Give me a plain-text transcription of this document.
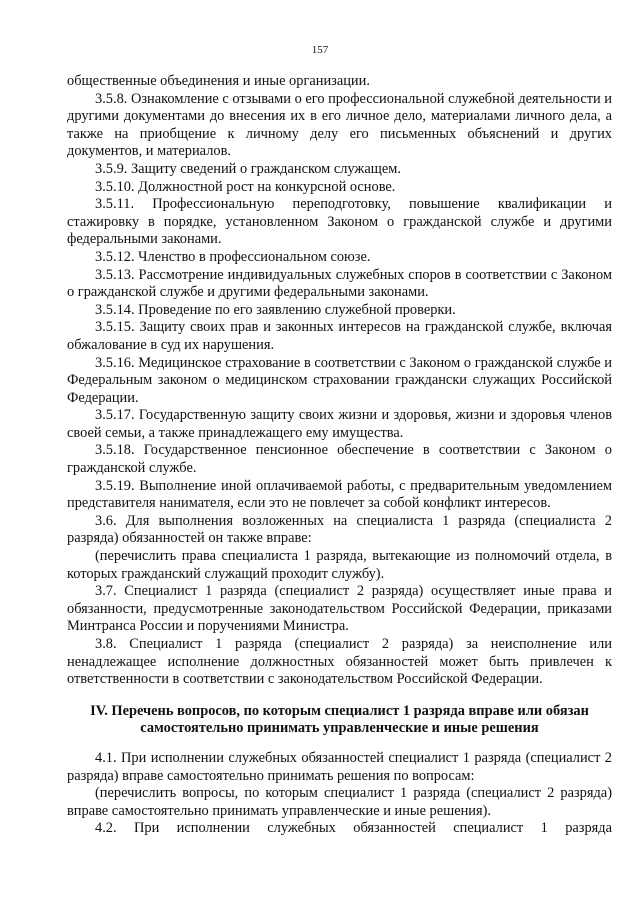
157

общественные объединения и иные организации.

3.5.8. Ознакомление с отзывами о его профессиональной служебной деятельности и другими документами до внесения их в его личное дело, материалами личного дела, а также на приобщение к личному делу его письменных объяснений и других документов, и материалов.

3.5.9. Защиту сведений о гражданском служащем.

3.5.10. Должностной рост на конкурсной основе.

3.5.11. Профессиональную переподготовку, повышение квалификации и стажировку в порядке, установленном Законом о гражданской службе и другими федеральными законами.

3.5.12. Членство в профессиональном союзе.

3.5.13. Рассмотрение индивидуальных служебных споров в соответствии с Законом о гражданской службе и другими федеральными законами.

3.5.14. Проведение по его заявлению служебной проверки.

3.5.15. Защиту своих прав и законных интересов на гражданской службе, включая обжалование в суд их нарушения.

3.5.16. Медицинское страхование в соответствии с Законом о гражданской службе и Федеральным законом о медицинском страховании граждански служащих Российской Федерации.

3.5.17. Государственную защиту своих жизни и здоровья, жизни и здоровья членов своей семьи, а также принадлежащего ему имущества.

3.5.18. Государственное пенсионное обеспечение в соответствии с Законом о гражданской службе.

3.5.19. Выполнение иной оплачиваемой работы, с предварительным уведомлением представителя нанимателя, если это не повлечет за собой конфликт интересов.

3.6. Для выполнения возложенных на специалиста 1 разряда (специалиста 2 разряда) обязанностей он также вправе:

(перечислить права специалиста 1 разряда, вытекающие из полномочий отдела, в которых гражданский служащий проходит службу).

3.7. Специалист 1 разряда (специалист 2 разряда) осуществляет иные права и обязанности, предусмотренные законодательством Российской Федерации, приказами Минтранса России и поручениями Министра.

3.8. Специалист 1 разряда (специалист 2 разряда) за неисполнение или ненадлежащее исполнение должностных обязанностей может быть привлечен к ответственности в соответствии с законодательством Российской Федерации.

IV. Перечень вопросов, по которым специалист 1 разряда вправе или обязан самостоятельно принимать управленческие и иные решения

4.1. При исполнении служебных обязанностей специалист 1 разряда (специалист 2 разряда) вправе самостоятельно принимать решения по вопросам:

(перечислить вопросы, по которым специалист 1 разряда (специалист 2 разряда) вправе самостоятельно принимать управленческие и иные решения).

4.2. При исполнении служебных обязанностей специалист 1 разряда
